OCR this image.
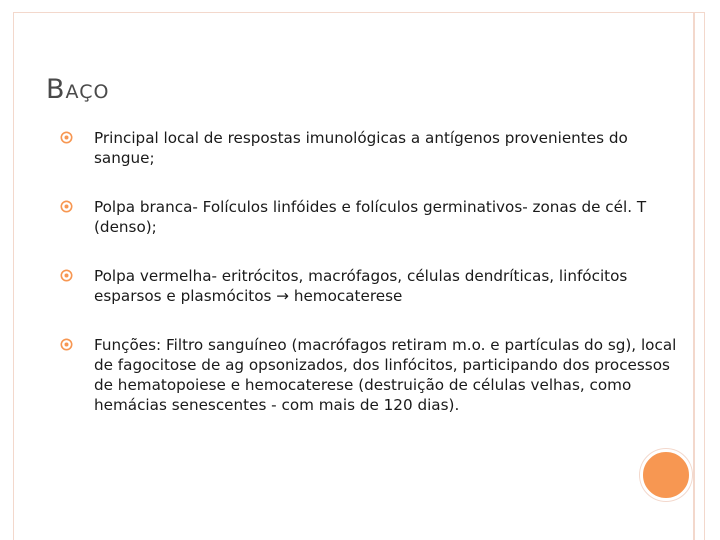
BAÇO
Principal local de respostas imunológicas a antígenos provenientes do sangue;
Polpa branca- Folículos linfóides e folículos germinativos- zonas de cél. T (denso);
Polpa vermelha- eritrócitos, macrófagos, células dendríticas, linfócitos esparsos e plasmócitos → hemocaterese
Funções: Filtro sanguíneo (macrófagos retiram m.o. e partículas do sg), local de fagocitose de ag opsonizados, dos linfócitos, participando dos processos de hematopoiese e hemocaterese (destruição de células velhas, como hemácias senescentes - com mais de 120 dias).
